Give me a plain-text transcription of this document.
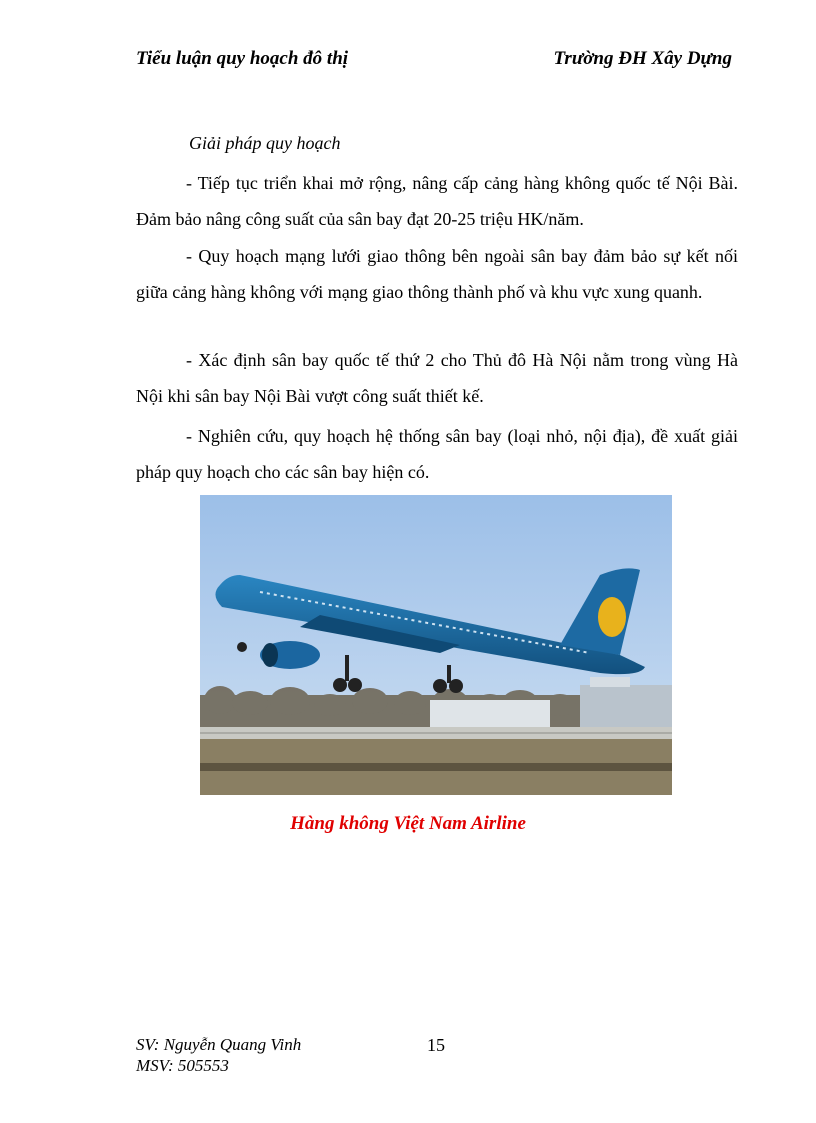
Tiểu luận quy hoạch đô thị	Trường ĐH Xây Dựng
Giải pháp quy hoạch
- Tiếp tục triển khai mở rộng, nâng cấp cảng hàng không quốc tế Nội Bài. Đảm bảo nâng công suất của sân bay đạt 20-25 triệu HK/năm.
- Quy hoạch mạng lưới giao thông bên ngoài sân bay đảm bảo sự kết nối giữa cảng hàng không với mạng giao thông thành phố và khu vực xung quanh.
- Xác định sân bay quốc tế thứ 2 cho Thủ đô Hà Nội nằm trong vùng Hà Nội khi sân bay Nội Bài vượt công suất thiết kế.
- Nghiên cứu, quy hoạch hệ thống sân bay (loại nhỏ, nội địa), đề xuất giải pháp quy hoạch cho các sân bay hiện có.
Hàng không Việt Nam Airline
SV: Nguyễn Quang Vinh	15
MSV: 505553
